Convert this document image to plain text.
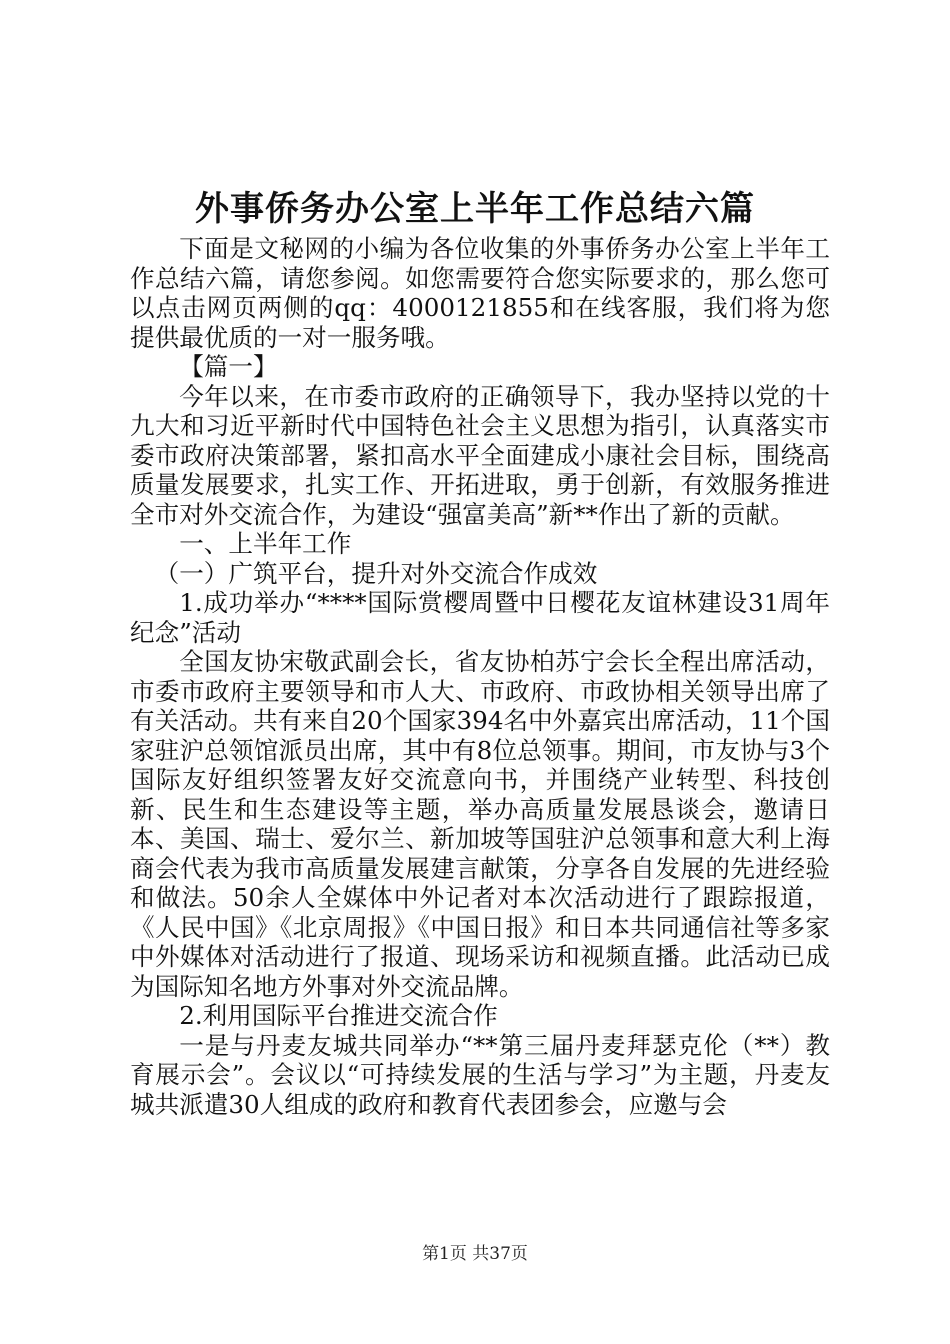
外事侨务办公室上半年工作总结六篇

下面是文秘网的小编为各位收集的外事侨务办公室上半年工作总结六篇，请您参阅。如您需要符合您实际要求的，那么您可以点击网页两侧的qq：4000121855和在线客服，我们将为您提供最优质的一对一服务哦。

【篇一】

今年以来，在市委市政府的正确领导下，我办坚持以党的十九大和习近平新时代中国特色社会主义思想为指引，认真落实市委市政府决策部署，紧扣高水平全面建成小康社会目标，围绕高质量发展要求，扎实工作、开拓进取，勇于创新，有效服务推进全市对外交流合作，为建设“强富美高”新**作出了新的贡献。

一、上半年工作

（一）广筑平台，提升对外交流合作成效

1.成功举办“****国际赏樱周暨中日樱花友谊林建设31周年纪念”活动

全国友协宋敬武副会长，省友协柏苏宁会长全程出席活动，市委市政府主要领导和市人大、市政府、市政协相关领导出席了有关活动。共有来自20个国家394名中外嘉宾出席活动，11个国家驻沪总领馆派员出席，其中有8位总领事。期间，市友协与3个国际友好组织签署友好交流意向书，并围绕产业转型、科技创新、民生和生态建设等主题，举办高质量发展恳谈会，邀请日本、美国、瑞士、爱尔兰、新加坡等国驻沪总领事和意大利上海商会代表为我市高质量发展建言献策，分享各自发展的先进经验和做法。50余人全媒体中外记者对本次活动进行了跟踪报道，《人民中国》《北京周报》《中国日报》和日本共同通信社等多家中外媒体对活动进行了报道、现场采访和视频直播。此活动已成为国际知名地方外事对外交流品牌。

2.利用国际平台推进交流合作

一是与丹麦友城共同举办“**第三届丹麦拜瑟克伦（**）教育展示会”。会议以“可持续发展的生活与学习”为主题，丹麦友城共派遣30人组成的政府和教育代表团参会，应邀与会

第1页 共37页
